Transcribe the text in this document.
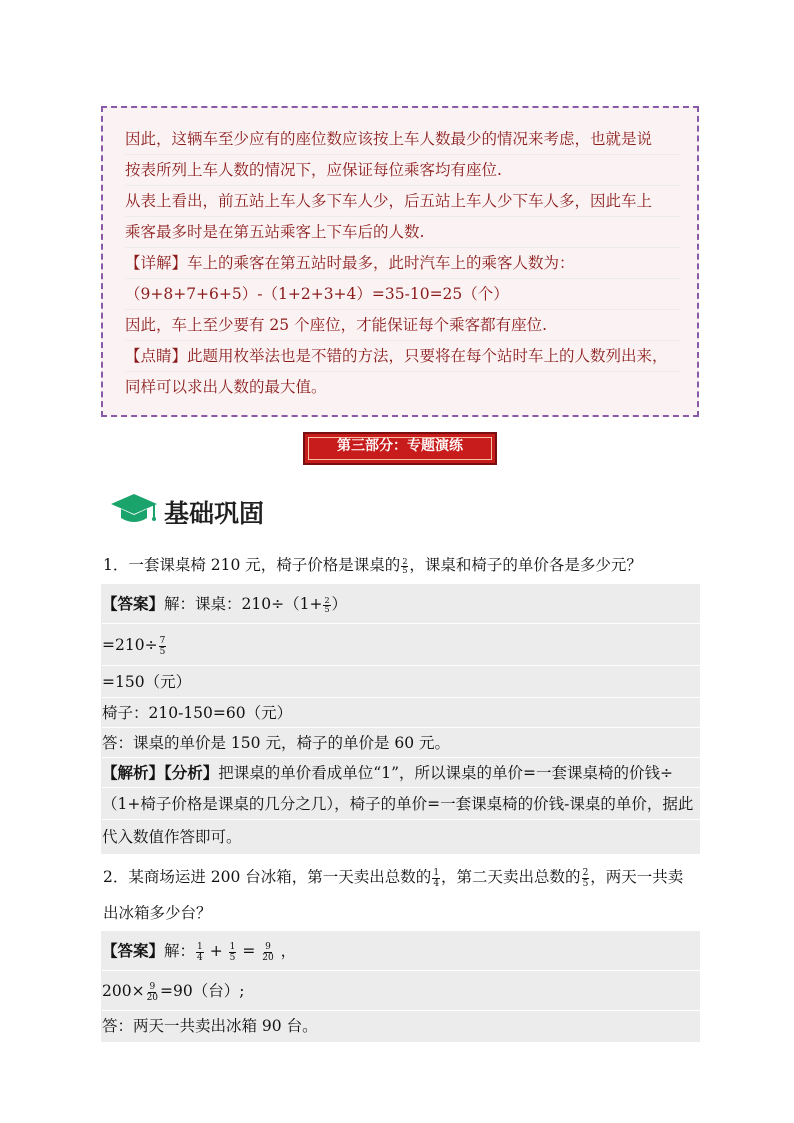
因此，这辆车至少应有的座位数应该按上车人数最少的情况来考虑，也就是说
按表所列上车人数的情况下，应保证每位乘客均有座位.
从表上看出，前五站上车人多下车人少，后五站上车人少下车人多，因此车上
乘客最多时是在第五站乘客上下车后的人数.
【详解】车上的乘客在第五站时最多，此时汽车上的乘客人数为：
（9+8+7+6+5）-（1+2+3+4）=35-10=25（个）
因此，车上至少要有 25 个座位，才能保证每个乘客都有座位.
【点睛】此题用枚举法也是不错的方法，只要将在每个站时车上的人数列出来，
同样可以求出人数的最大值。
第三部分：专题演练
基础巩固
1．一套课桌椅 210 元，椅子价格是课桌的 $\frac{2}{5}$ ，课桌和椅子的单价各是多少元？
【答案】解：课桌：$210\div(1+ \frac{2}{5}$ ）
$=210\div \frac{7}{5}$
=150（元）
椅子：210-150=60（元）
答：课桌的单价是 150 元，椅子的单价是 60 元。
【解析】【分析】把课桌的单价看成单位“1”，所以课桌的单价=一套课桌椅的价钱÷
（1+椅子价格是课桌的几分之几），椅子的单价=一套课桌椅的价钱-课桌的单价，据此
代入数值作答即可。
2．某商场运进 200 台冰箱，第一天卖出总数的 $\frac{1}{4}$ ，第二天卖出总数的 $\frac{2}{5}$ ，两天一共卖
出冰箱多少台？
【答案】解： $\frac{1}{4} + \frac{1}{5} = \frac{9}{20}$ ，
$200\times \frac{9}{20} =90$（台）;
答：两天一共卖出冰箱 90 台。
